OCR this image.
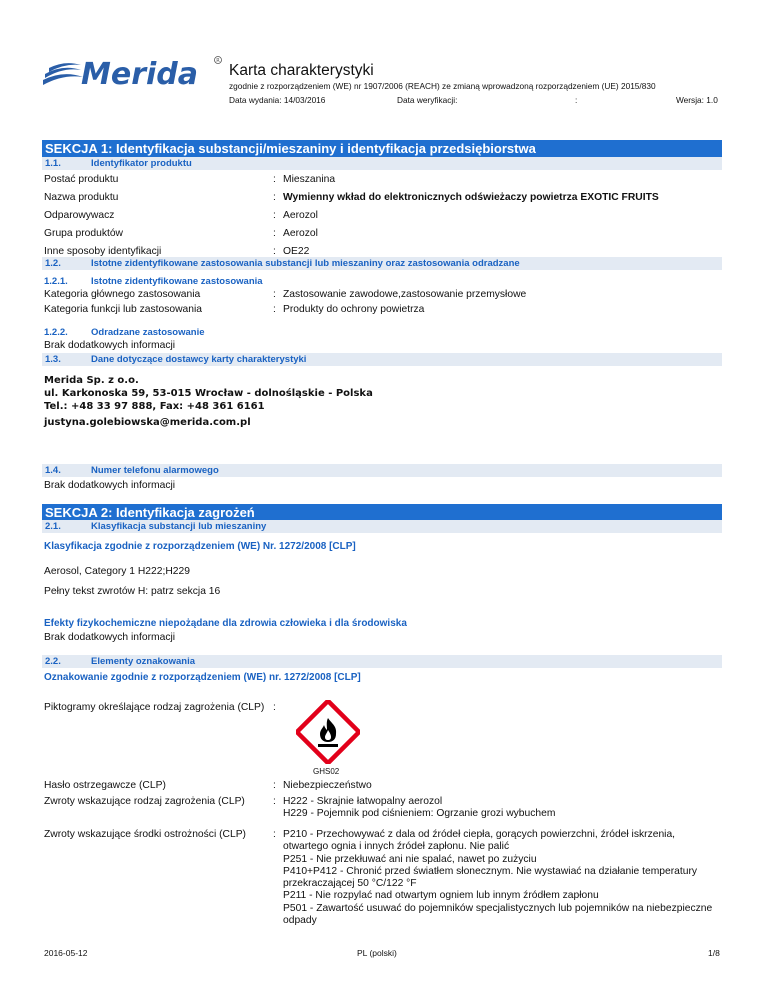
Merida	R
Karta charakterystyki
zgodnie z rozporządzeniem (WE) nr 1907/2006 (REACH) ze zmianą wprowadzoną rozporządzeniem (UE) 2015/830
Data wydania: 14/03/2016	Data weryfikacji:	:	Wersja: 1.0
SEKCJA 1: Identyfikacja substancji/mieszaniny i identyfikacja przedsiębiorstwa
1.1.	Identyfikator produktu
Postać produktu	: Mieszanina
Nazwa produktu	: Wymienny wkład do elektronicznych odświeżaczy powietrza EXOTIC FRUITS
Odparowywacz	: Aerozol
Grupa produktów	: Aerozol
Inne sposoby identyfikacji	: OE22
1.2.	Istotne zidentyfikowane zastosowania substancji lub mieszaniny oraz zastosowania odradzane
1.2.1. Istotne zidentyfikowane zastosowania
Kategoria głównego zastosowania	: Zastosowanie zawodowe,zastosowanie przemysłowe
Kategoria funkcji lub zastosowania	: Produkty do ochrony powietrza
1.2.2. Odradzane zastosowanie
Brak dodatkowych informacji
1.3.	Dane dotyczące dostawcy karty charakterystyki
Merida Sp. z o.o.
ul. Karkonoska 59, 53-015 Wrocław - dolnośląskie - Polska
Tel.: +48 33 97 888, Fax: +48 361 6161
justyna.golebiowska@merida.com.pl
1.4.	Numer telefonu alarmowego
Brak dodatkowych informacji
SEKCJA 2: Identyfikacja zagrożeń
2.1.	Klasyfikacja substancji lub mieszaniny
Klasyfikacja zgodnie z rozporządzeniem (WE) Nr. 1272/2008 [CLP]
Aerosol, Category 1 H222;H229
Pełny tekst zwrotów H: patrz sekcja 16
Efekty fizykochemiczne niepożądane dla zdrowia człowieka i dla środowiska
Brak dodatkowych informacji
2.2.	Elementy oznakowania
Oznakowanie zgodnie z rozporządzeniem (WE) nr. 1272/2008 [CLP]
Piktogramy określające rodzaj zagrożenia (CLP) :
GHS02
Hasło ostrzegawcze (CLP)	: Niebezpieczeństwo
Zwroty wskazujące rodzaj zagrożenia (CLP)	: H222 - Skrajnie łatwopalny aerozol
H229 - Pojemnik pod ciśnieniem: Ogrzanie grozi wybuchem
Zwroty wskazujące środki ostrożności (CLP)	: P210 - Przechowywać z dala od źródeł ciepła, gorących powierzchni, źródeł iskrzenia,
otwartego ognia i innych źródeł zapłonu. Nie palić
P251 - Nie przekłuwać ani nie spalać, nawet po zużyciu
P410+P412 - Chronić przed światłem słonecznym. Nie wystawiać na działanie temperatury
przekraczającej 50 °C/122 °F
P211 - Nie rozpylać nad otwartym ogniem lub innym źródłem zapłonu
P501 - Zawartość usuwać do pojemników specjalistycznych lub pojemników na niebezpieczne
odpady
2016-05-12	PL (polski)	1/8
